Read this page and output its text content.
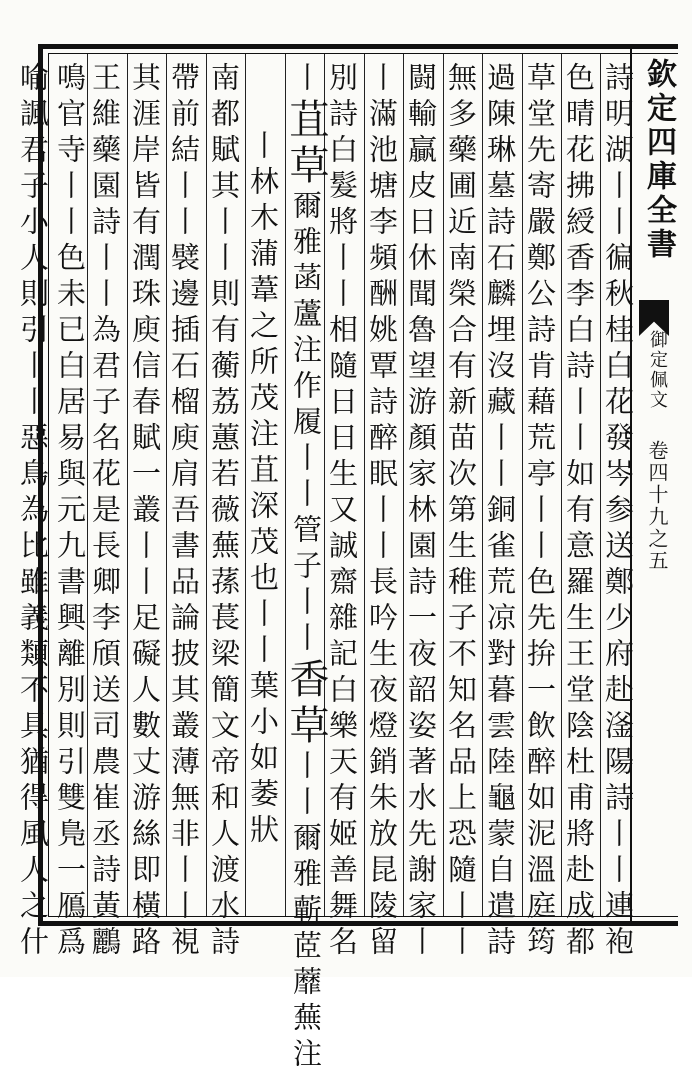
欽定四庫全書
御定佩文
卷四十九之五
詩明湖丨丨徧秋桂白花發岑参送鄭少府赴滏陽詩丨丨連袍
色晴花拂綬香李白詩丨丨如有意羅生王堂陰杜甫將赴成都
草堂先寄嚴鄭公詩肯藉荒亭丨丨色先拚一飲醉如泥溫庭筠
過陳琳墓詩石麟埋沒藏丨丨銅雀荒凉對暮雲陸龜蒙自遣詩
無多藥圃近南榮合有新苗次第生稚子不知名品上恐隨丨丨
闘輸贏皮日休聞魯望游顏家林園詩一夜韶姿著水先謝家丨
丨滿池塘李頻酬姚覃詩醉眠丨丨長吟生夜燈銷朱放昆陵留
別詩白髮將丨丨相隨日日生又誠齋雜記白樂天有姬善舞名
丨苴草爾雅菡蘆注作履丨丨管子丨丨香草丨丨爾雅蘄茝蘼蕪注
丨林木蒲葦之所茂注苴深茂也丨丨葉小如萎狀
南都賦其丨丨則有蘅荔蕙若薇蕪蓀萇梁簡文帝和人渡水詩
帶前結丨丨襞邊插石榴庾肩吾書品論披其叢薄無非丨丨視
其涯岸皆有潤珠庾信春賦一叢丨丨足礙人數丈游絲即橫路
王維藥園詩丨丨為君子名花是長卿李頎送司農崔丞詩黃鸝
鳴官寺丨丨色未已白居易與元九書興離別則引雙鳬一鴈爲
喻諷君子小人則引丨丨惡鳥為比雖義類不具猶得風人之什
